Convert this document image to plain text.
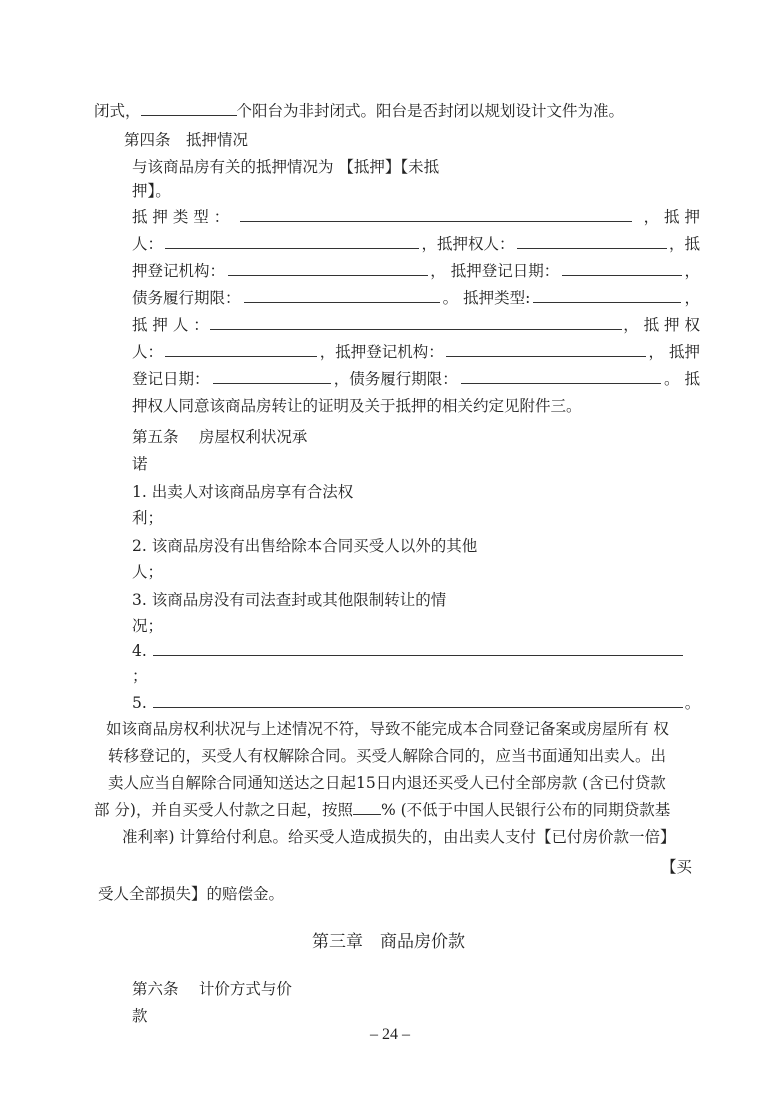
闭式，	个阳台为非封闭式。阳台是否封闭以规划设计文件为准。
第四条　抵押情况
与该商品房有关的抵押情况为 【抵押】【未抵
押】。
抵 押 类 型 ：	， 抵 押
人：	，抵押权人：	，抵
押登记机构：	， 抵押登记日期：	，
债务履行期限：	。 抵押类型:	，
抵 押 人 ：	， 抵 押 权
人：	，抵押登记机构：	， 抵押
登记日期：	，债务履行期限：	。 抵
押权人同意该商品房转让的证明及关于抵押的相关约定见附件三。
第五条　 房屋权利状况承
诺
1. 出卖人对该商品房享有合法权
利；
2. 该商品房没有出售给除本合同买受人以外的其他
人；
3. 该商品房没有司法查封或其他限制转让的情
况；
4.
；
5.	。
如该商品房权利状况与上述情况不符，导致不能完成本合同登记备案或房屋所有 权
转移登记的，买受人有权解除合同。买受人解除合同的，应当书面通知出卖人。出
卖人应当自解除合同通知送达之日起15日内退还买受人已付全部房款 (含已付贷款
部 分)，并自买受人付款之日起，按照 % (不低于中国人民银行公布的同期贷款基
准利率) 计算给付利息。给买受人造成损失的，由出卖人支付【已付房价款一倍】
【买
受人全部损失】的赔偿金。
第三章　商品房价款
第六条　 计价方式与价
款
– 24 –
